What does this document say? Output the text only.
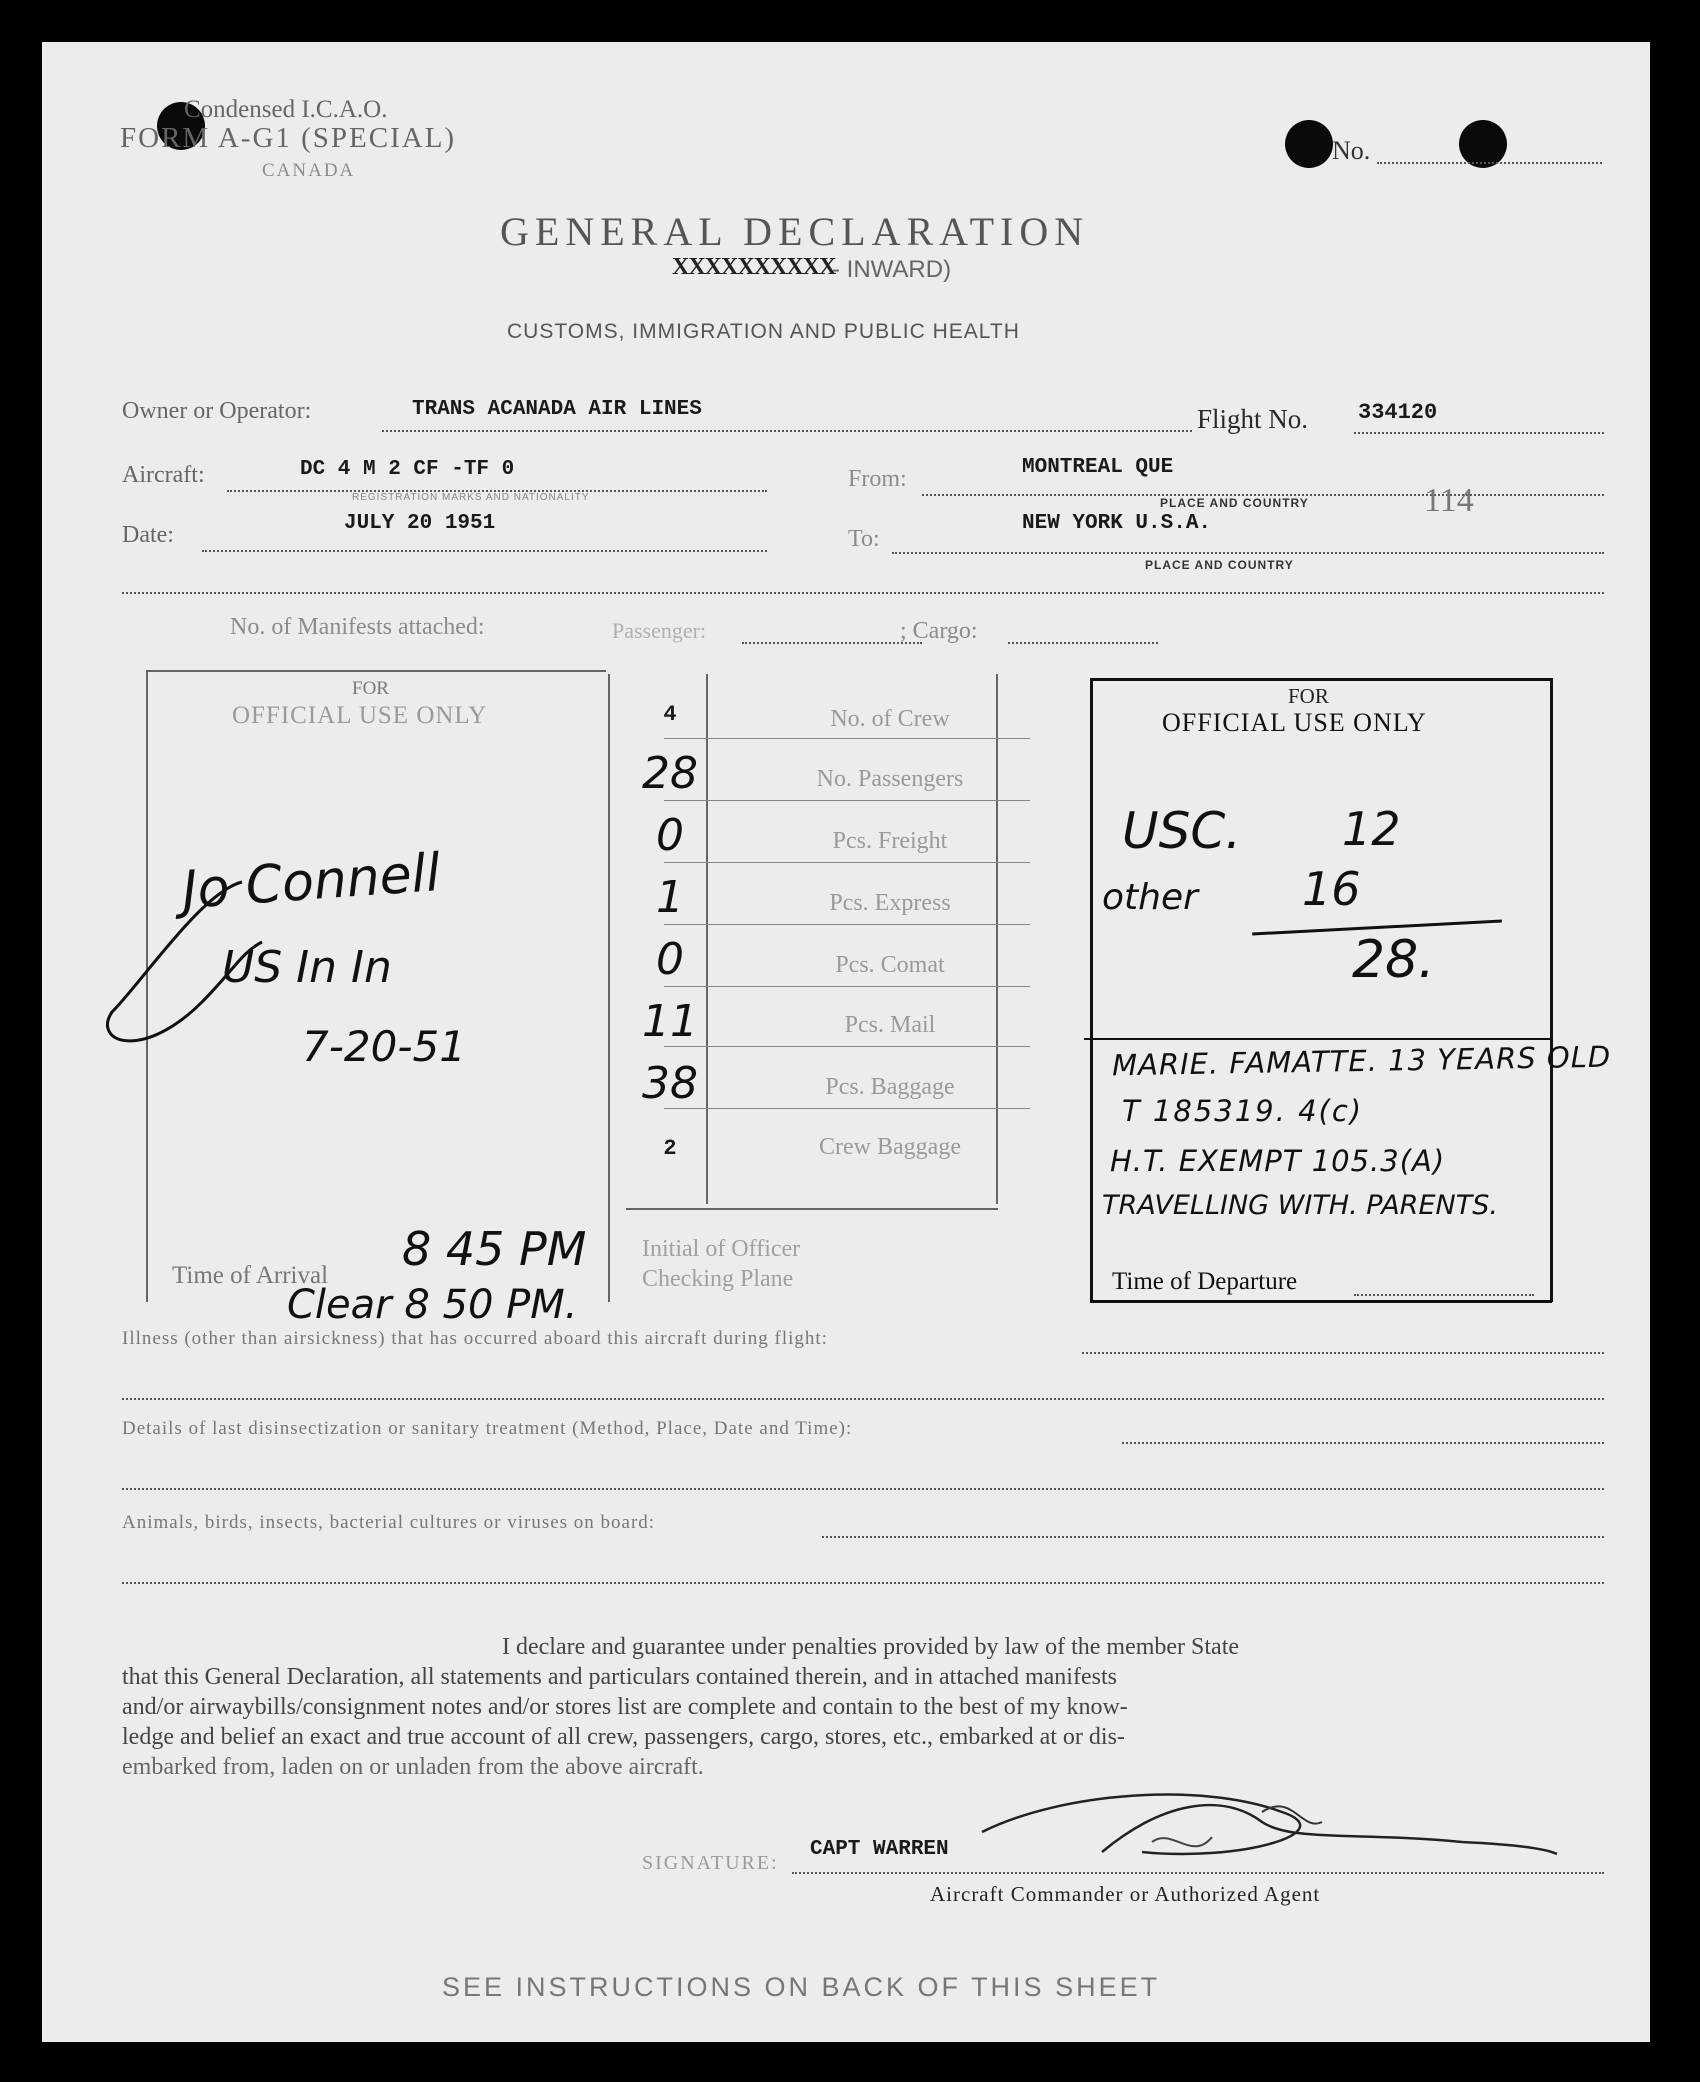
Condensed I.C.A.O.
FORM A-G1 (SPECIAL)
CANADA
No.
GENERAL DECLARATION
XXXXXXXXXX
- INWARD)
CUSTOMS, IMMIGRATION AND PUBLIC HEALTH
Owner or Operator:	TRANS ACANADA AIR LINES	Flight No. 334120
Aircraft:	DC 4 M 2 CF -TF 0
REGISTRATION MARKS AND NATIONALITY
From:	MONTREAL QUE
PLACE AND COUNTRY	114
Date:	JULY 20 1951
To:
NEW YORK U.S.A.
PLACE AND COUNTRY
No. of Manifests attached:	Passenger:	; Cargo:
FOR
OFFICIAL USE ONLY
Jo Connell
US In In
7-20-51
Time of Arrival 8 45 PM
Clear 8 50 PM.
4	No. of Crew
28	No. Passengers
0	Pcs. Freight
1	Pcs. Express
0	Pcs. Comat
11	Pcs. Mail
38	Pcs. Baggage
2	Crew Baggage
Initial of Officer
Checking Plane
FOR
OFFICIAL USE ONLY
USC. 12
other 16
28.
MARIE. FAMATTE. 13 YEARS OLD
T 185319. 4(c)
H.T. EXEMPT 105.3(A)
TRAVELLING WITH. PARENTS.
Time of Departure
Illness (other than airsickness) that has occurred aboard this aircraft during flight:
Details of last disinsectization or sanitary treatment (Method, Place, Date and Time):
Animals, birds, insects, bacterial cultures or viruses on board:
I declare and guarantee under penalties provided by law of the member State
that this General Declaration, all statements and particulars contained therein, and in attached manifests
and/or airwaybills/consignment notes and/or stores list are complete and contain to the best of my know-
ledge and belief an exact and true account of all crew, passengers, cargo, stores, etc., embarked at or dis-
embarked from, laden on or unladen from the above aircraft.
SIGNATURE:
CAPT WARREN
Aircraft Commander or Authorized Agent
SEE INSTRUCTIONS ON BACK OF THIS SHEET
